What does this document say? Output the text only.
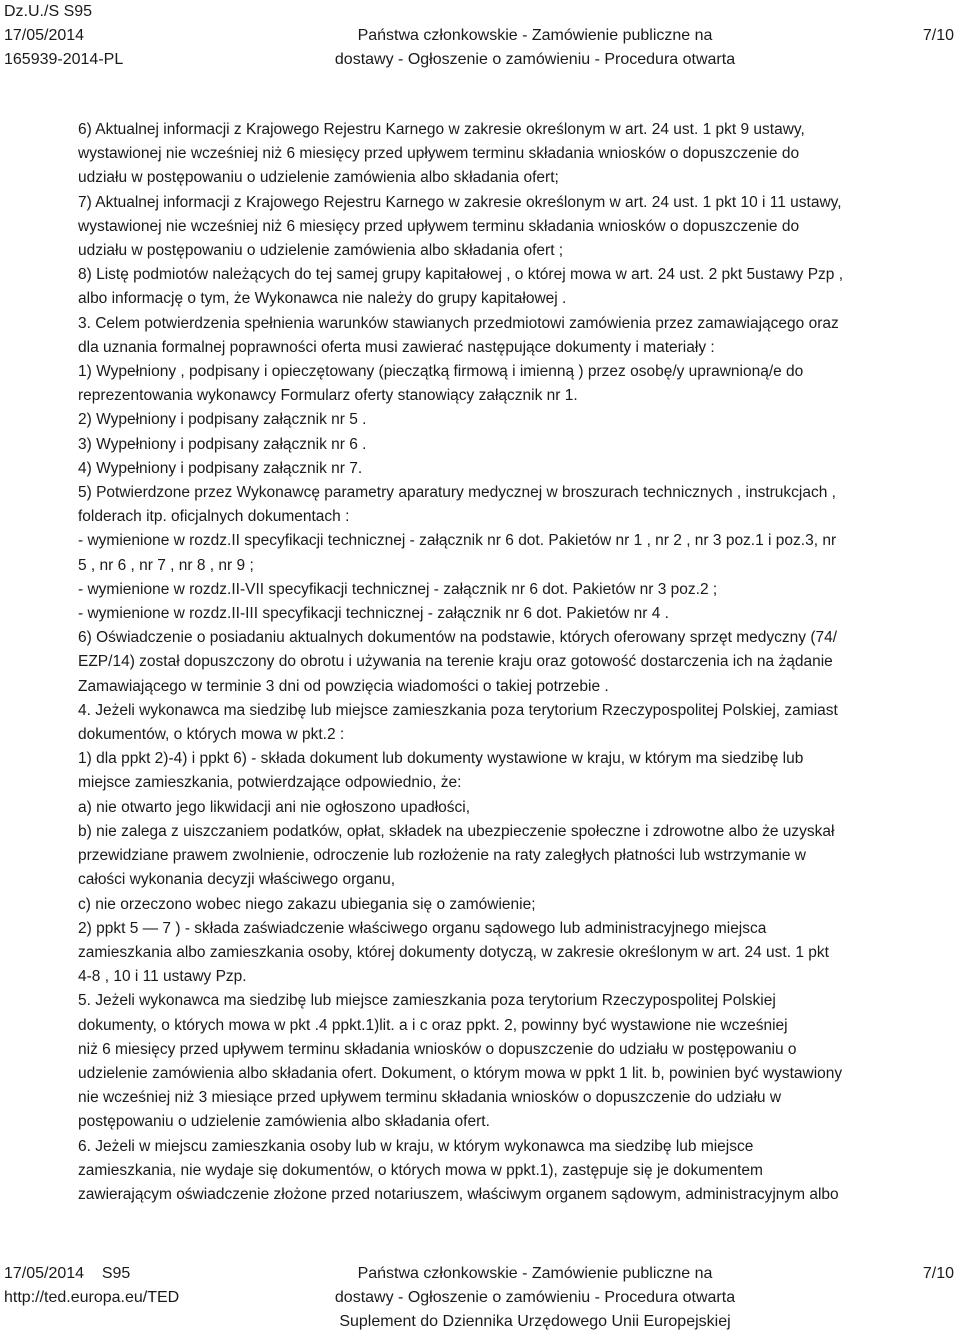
Dz.U./S S95
17/05/2014
165939-2014-PL
Państwa członkowskie - Zamówienie publiczne na
dostawy - Ogłoszenie o zamówieniu - Procedura otwarta
7/10

6) Aktualnej informacji z Krajowego Rejestru Karnego w zakresie określonym w art. 24 ust. 1 pkt 9 ustawy,

wystawionej nie wcześniej niż 6 miesięcy przed upływem terminu składania wniosków o dopuszczenie do

udziału w postępowaniu o udzielenie zamówienia albo składania ofert;

7) Aktualnej informacji z Krajowego Rejestru Karnego w zakresie określonym w art. 24 ust. 1 pkt 10 i 11 ustawy,

wystawionej nie wcześniej niż 6 miesięcy przed upływem terminu składania wniosków o dopuszczenie do

udziału w postępowaniu o udzielenie zamówienia albo składania ofert ;

8) Listę podmiotów należących do tej samej grupy kapitałowej , o której mowa w art. 24 ust. 2 pkt 5ustawy Pzp ,

albo informację o tym, że Wykonawca nie należy do grupy kapitałowej .

3. Celem potwierdzenia spełnienia warunków stawianych przedmiotowi zamówienia przez zamawiającego oraz

dla uznania formalnej poprawności oferta musi zawierać następujące dokumenty i materiały :

1) Wypełniony , podpisany i opieczętowany (pieczątką firmową i imienną ) przez osobę/y uprawnioną/e do

reprezentowania wykonawcy Formularz oferty stanowiący załącznik nr 1.

2) Wypełniony i podpisany załącznik nr 5 .

3) Wypełniony i podpisany załącznik nr 6 .

4) Wypełniony i podpisany załącznik nr 7.

5) Potwierdzone przez Wykonawcę parametry aparatury medycznej w broszurach technicznych , instrukcjach ,

folderach itp. oficjalnych dokumentach :

- wymienione w rozdz.II specyfikacji technicznej - załącznik nr 6 dot. Pakietów nr 1 , nr 2 , nr 3 poz.1 i poz.3, nr

5 , nr 6 , nr 7 , nr 8 , nr 9 ;

- wymienione w rozdz.II-VII specyfikacji technicznej - załącznik nr 6 dot. Pakietów nr 3 poz.2 ;

- wymienione w rozdz.II-III specyfikacji technicznej - załącznik nr 6 dot. Pakietów nr 4 .

6) Oświadczenie o posiadaniu aktualnych dokumentów na podstawie, których oferowany sprzęt medyczny (74/

EZP/14) został dopuszczony do obrotu i używania na terenie kraju oraz gotowość dostarczenia ich na żądanie

Zamawiającego w terminie 3 dni od powzięcia wiadomości o takiej potrzebie .

4. Jeżeli wykonawca ma siedzibę lub miejsce zamieszkania poza terytorium Rzeczypospolitej Polskiej, zamiast

dokumentów, o których mowa w pkt.2 :

1) dla ppkt 2)-4) i ppkt 6) - składa dokument lub dokumenty wystawione w kraju, w którym ma siedzibę lub

miejsce zamieszkania, potwierdzające odpowiednio, że:

a) nie otwarto jego likwidacji ani nie ogłoszono upadłości,

b) nie zalega z uiszczaniem podatków, opłat, składek na ubezpieczenie społeczne i zdrowotne albo że uzyskał

przewidziane prawem zwolnienie, odroczenie lub rozłożenie na raty zaległych płatności lub wstrzymanie w

całości wykonania decyzji właściwego organu,

c) nie orzeczono wobec niego zakazu ubiegania się o zamówienie;

2) ppkt 5 — 7 ) - składa zaświadczenie właściwego organu sądowego lub administracyjnego miejsca

zamieszkania albo zamieszkania osoby, której dokumenty dotyczą, w zakresie określonym w art. 24 ust. 1 pkt

4-8 , 10 i 11 ustawy Pzp.

5. Jeżeli wykonawca ma siedzibę lub miejsce zamieszkania poza terytorium Rzeczypospolitej Polskiej

dokumenty, o których mowa w pkt .4 ppkt.1)lit. a i c oraz ppkt. 2, powinny być wystawione nie wcześniej

niż 6 miesięcy przed upływem terminu składania wniosków o dopuszczenie do udziału w postępowaniu o

udzielenie zamówienia albo składania ofert. Dokument, o którym mowa w ppkt 1 lit. b, powinien być wystawiony

nie wcześniej niż 3 miesiące przed upływem terminu składania wniosków o dopuszczenie do udziału w

postępowaniu o udzielenie zamówienia albo składania ofert.

6. Jeżeli w miejscu zamieszkania osoby lub w kraju, w którym wykonawca ma siedzibę lub miejsce

zamieszkania, nie wydaje się dokumentów, o których mowa w ppkt.1), zastępuje się je dokumentem

zawierającym oświadczenie złożone przed notariuszem, właściwym organem sądowym, administracyjnym albo

17/05/2014    S95
http://ted.europa.eu/TED
Państwa członkowskie - Zamówienie publiczne na
dostawy - Ogłoszenie o zamówieniu - Procedura otwarta
Suplement do Dziennika Urzędowego Unii Europejskiej
7/10
